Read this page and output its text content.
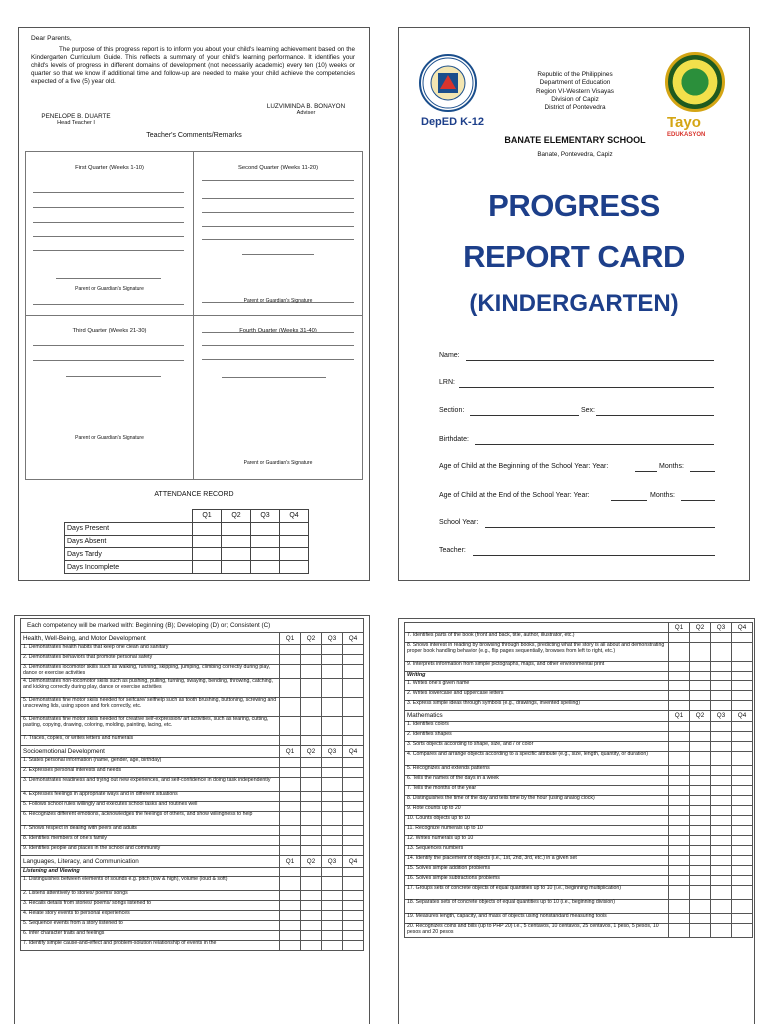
Dear Parents,
The purpose of this progress report is to inform you about your child's learning achievement based on the Kindergarten Curriculum Guide. This reflects a summary of your child's learning performance. It identifies your child's levels of progress in different domains of development (not necessarily academic) every ten (10) weeks or quarter so that we know if additional time and follow-up are needed to make your child achieve the competencies expected of a five (5) year old.
LUZVIMINDA B. BONAYON
Adviser
PENELOPE B. DUARTE
Head Teacher I
Teacher's Comments/Remarks
First Quarter (Weeks 1-10)
Parent or Guardian's Signature
Second Quarter (Weeks 11-20)
Parent or Guardian's Signature
Third Quarter (Weeks 21-30)
Parent or Guardian's Signature
Fourth Quarter (Weeks 31-40)
Parent or Guardian's Signature
ATTENDANCE RECORD
	Q1	Q2	Q3	Q4
Days Present				
Days Absent				
Days Tardy				
Days Incomplete				
DepED K-12	Tayo
EDUKASYON
Republic of the Philippines
Department of Education
Region VI-Western Visayas
Division of Capiz
District of Pontevedra
BANATE ELEMENTARY SCHOOL
Banate, Pontevedra, Capiz
PROGRESS
REPORT CARD
(KINDERGARTEN)
Name:
LRN:
Section:	Sex:
Birthdate:
Age of Child at the Beginning of the School Year: Year:	Months:
Age of Child at the End of the School Year: Year:	Months:
School Year:
Teacher:
Each competency will be marked with: Beginning (B); Developing (D) or; Consistent (C)				
Health, Well-Being, and Motor Development	Q1	Q2	Q3	Q4
1. Demonstrates health habits that keep one clean and sanitary				
2. Demonstrates behaviors that promote personal safety				
3. Demonstrates locomotor skills such as walking, running, skipping, jumping, climbing correctly during play, dance or exercise activities				
4. Demonstrates non-locomotor skills such as pushing, pulling, turning, swaying, bending, throwing, catching, and kicking correctly during play, dance or exercise activities				
5. Demonstrates fine motor skills needed for selfcare/ selfhelp such as tooth brushing, buttoning, screwing and unscrewing lids, using spoon and fork correctly, etc.				
6. Demonstrates fine motor skills needed for creative self-expression/ art activities, such as tearing, cutting, pasting, copying, drawing, coloring, molding, painting, lacing, etc.				
7. Traces, copies, or writes letters and numerals				
Socioemotional Development	Q1	Q2	Q3	Q4
1. States personal information (name, gender, age, birthday)				
2. Expresses personal interests and needs				
3. Demonstrates readiness and trying out new experiences, and self-confidence in doing task independently				
4. Expresses feelings in appropriate ways and in different situations				
5. Follows school rules willingly and executes school tasks and routines well				
6. Recognizes different emotions, acknowledges the feelings of others, and show willingness to help				
7. Shows respect in dealing with peers and adults				
8. Identifies members of one's family				
9. Identifies people and places in the school and community				
Languages, Literacy, and Communication	Q1	Q2	Q3	Q4
Listening and Viewing				
1. Distinguishes between elements of sounds e.g. pitch (low & high), volume (loud & soft)				
2. Listens attentively to stories/ poems/ songs				
3. Recalls details from stories/ poems/ songs listened to				
4. Relate story events to personal experiences				
5. Sequence events from a story listened to				
6. Infer character traits and feelings				
7. Identify simple cause-and-effect and problem-solution relationship of events in the				
	Q1	Q2	Q3	Q4
7. Identifies parts of the book (front and back, title, author, illustrator, etc.)				
8. Shows interest in reading by browsing through books, predicting what the story is all about and demonstrating proper book handling behavior (e.g., flip pages sequentially, browses from left to right, etc.)				
9. Interprets information from simple pictographs, maps, and other environmental print				
Writing				
1. Writes one's given name				
2. Writes lowercase and uppercase letters				
3. Express simple ideas through symbols (e.g., drawings, invented spelling)				
Mathematics	Q1	Q2	Q3	Q4
1. Identifies colors				
2. Identifies shapes				
3. Sorts objects according to shape, size, and / or color				
4. Compares and arrange objects according to a specific attribute (e.g., size, length, quantity, or duration)				
5. Recognizes and extends patterns				
6. Tells the names of the days in a week				
7. Tells the months of the year				
8. Distinguishes the time of the day and tells time by the hour (using analog clock)				
9. Rote counts up to 20				
10. Counts objects up to 10				
11. Recognize numerals up to 10				
12. Writes numerals up to 10				
13. Sequences numbers				
14. Identify the placement of objects (i.e., 1st, 2nd, 3rd, etc.) in a given set				
15. Solves simple addition problems				
16. Solves simple subtractions problems				
17. Groups sets of concrete objects of equal quantities up to 10 (i.e., beginning multiplication)				
18. Separates sets of concrete objects of equal quantities up to 10 (i.e., beginning division)				
19. Measures length, capacity, and mass of objects using nonstandard measuring tools				
20. Recognizes coins and bills (up to PHP 20) i.e., 5 centavos, 10 centavos, 25 centavos, 1 peso, 5 pesos, 10 pesos and 20 pesos				
